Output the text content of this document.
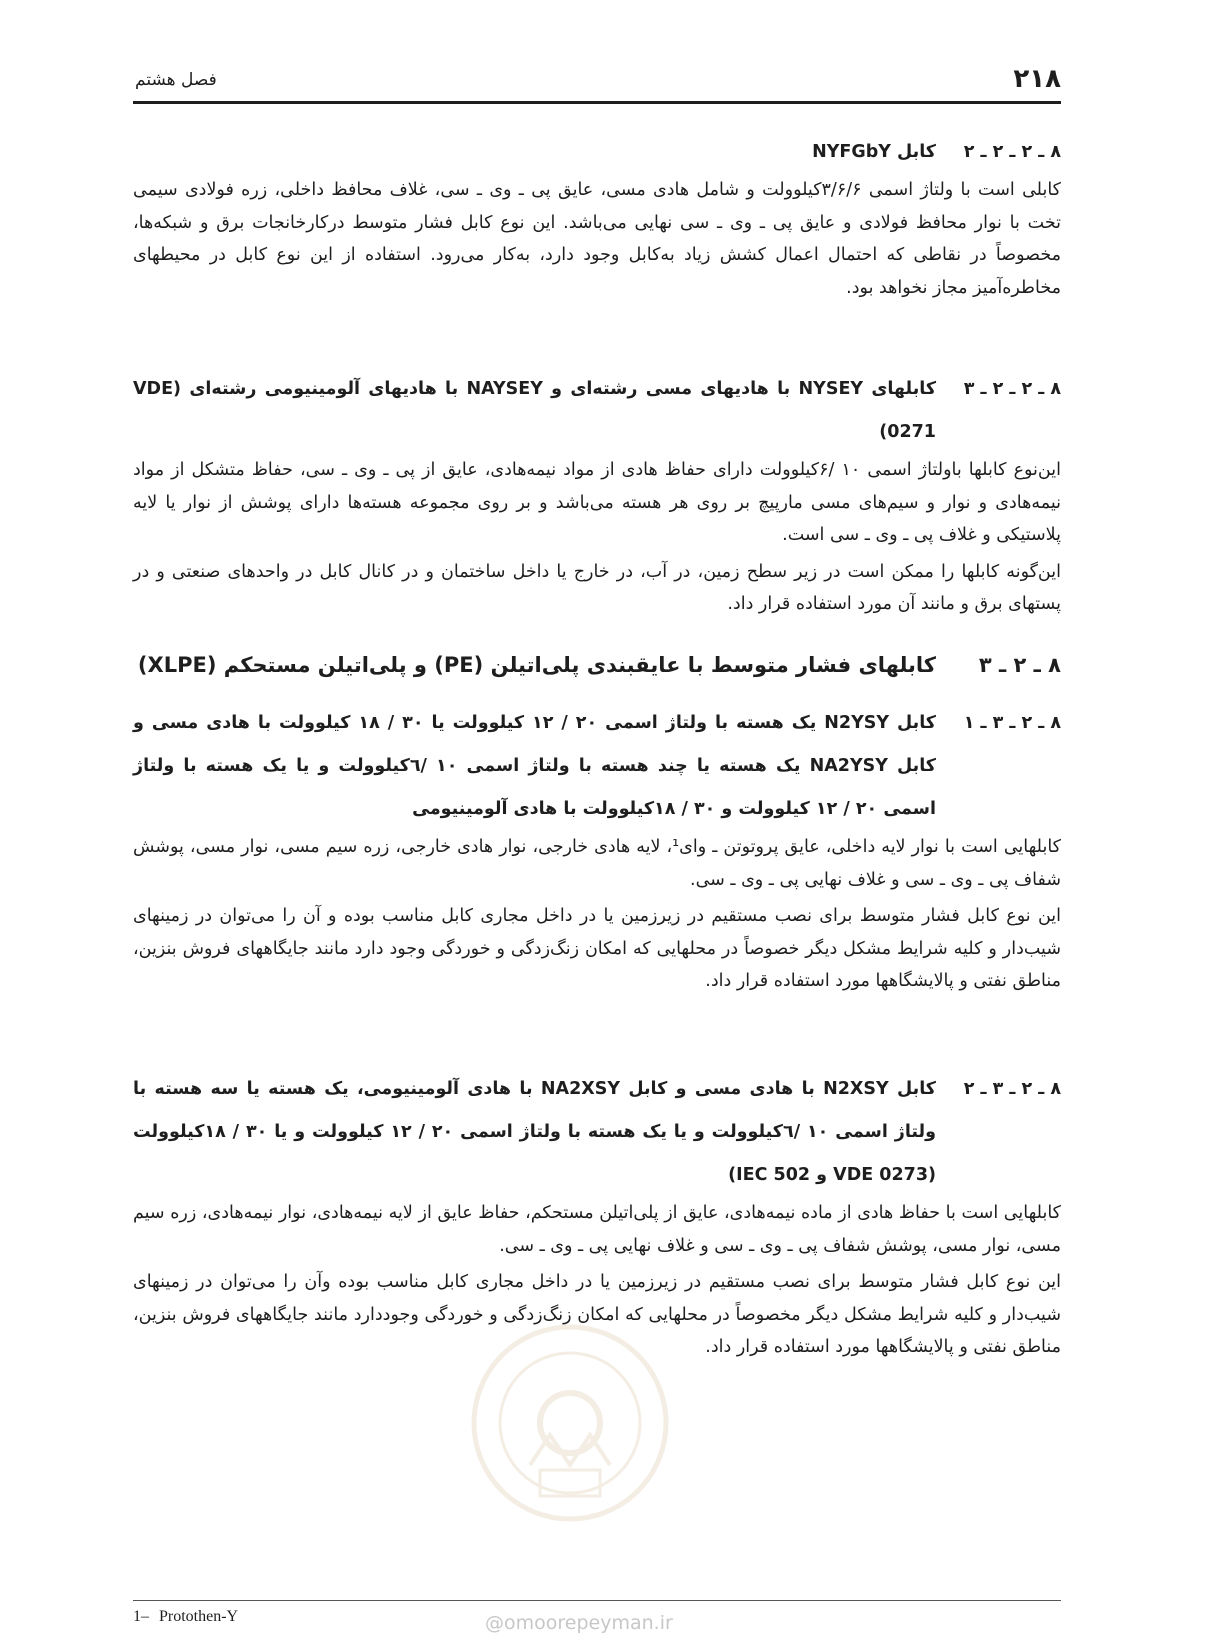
۲۱۸
فصل هشتم
۸ ـ ۲ ـ ۲ ـ ۲
کابل NYFGbY
کابلی است با ولتاژ اسمی ۳/۶/۶کیلوولت و شامل هادی مسی، عایق پی ـ وی ـ سی، غلاف محافظ داخلی، زره فولادی سیمی تخت با نوار محافظ فولادی و عایق پی ـ وی ـ سی نهایی می‌باشد. این نوع کابل فشار متوسط درکارخانجات برق و شبکه‌ها، مخصوصاً در نقاطی که احتمال اعمال کشش زیاد به‌کابل وجود دارد، به‌کار می‌رود. استفاده از این نوع کابل در محیطهای مخاطره‌آمیز مجاز نخواهد بود.
۸ ـ ۲ ـ ۲ ـ ۳
کابلهای NYSEY با هادیهای مسی رشته‌ای و NAYSEY با هادیهای آلومینیومی رشته‌ای (VDE 0271)
این‌نوع کابلها باولتاژ اسمی ۱۰ /۶کیلوولت دارای حفاظ هادی از مواد نیمه‌هادی، عایق از پی ـ وی ـ سی، حفاظ متشکل از مواد نیمه‌هادی و نوار و سیم‌های مسی مارپیچ بر روی هر هسته می‌باشد و بر روی مجموعه هسته‌ها دارای پوشش از نوار یا لایه پلاستیکی و غلاف پی ـ وی ـ سی است.
این‌گونه کابلها را ممکن است در زیر سطح زمین، در آب، در خارج یا داخل ساختمان و در کانال کابل در واحدهای صنعتی و در پستهای برق و مانند آن مورد استفاده قرار داد.
۸ ـ ۲ ـ ۳
کابلهای فشار متوسط با عایقبندی پلی‌اتیلن (PE) و پلی‌اتیلن مستحکم (XLPE)
۸ ـ ۲ ـ ۳ ـ ۱
کابل N2YSY یک هسته با ولتاژ اسمی ۲۰ / ۱۲ کیلوولت یا ۳۰ / ۱۸ کیلوولت با هادی مسی و کابل NA2YSY یک هسته یا چند هسته با ولتاژ اسمی ۱۰ /٦کیلوولت و یا یک هسته با ولتاژ اسمی ۲۰ / ۱۲ کیلوولت و ۳۰ / ۱۸کیلوولت با هادی آلومینیومی
کابلهایی است با نوار لایه داخلی، عایق پروتوتن ـ وای¹، لایه هادی خارجی، نوار هادی خارجی، زره سیم مسی، نوار مسی، پوشش شفاف پی ـ وی ـ سی و غلاف نهایی پی ـ وی ـ سی.
این نوع کابل فشار متوسط برای نصب مستقیم در زیرزمین یا در داخل مجاری کابل مناسب بوده و آن را می‌توان در زمینهای شیب‌دار و کلیه شرایط مشکل دیگر خصوصاً در محلهایی که امکان زنگ‌زدگی و خوردگی وجود دارد مانند جایگاههای فروش بنزین، مناطق نفتی و پالایشگاهها مورد استفاده قرار داد.
۸ ـ ۲ ـ ۳ ـ ۲
کابل N2XSY با هادی مسی و کابل NA2XSY با هادی آلومینیومی، یک هسته یا سه هسته با ولتاژ اسمی ۱۰ /٦کیلوولت و یا یک هسته با ولتاژ اسمی ۲۰ / ۱۲ کیلوولت و یا ۳۰ / ۱۸کیلوولت (VDE 0273 و IEC 502)
کابلهایی است با حفاظ هادی از ماده نیمه‌هادی، عایق از پلی‌اتیلن مستحکم، حفاظ عایق از لایه نیمه‌هادی، نوار نیمه‌هادی، زره سیم مسی، نوار مسی، پوشش شفاف پی ـ وی ـ سی و غلاف نهایی پی ـ وی ـ سی.
این نوع کابل فشار متوسط برای نصب مستقیم در زیرزمین یا در داخل مجاری کابل مناسب بوده وآن را می‌توان در زمینهای شیب‌دار و کلیه شرایط مشکل دیگر مخصوصاً در محلهایی که امکان زنگ‌زدگی و خوردگی وجوددارد مانند جایگاههای فروش بنزین، مناطق نفتی و پالایشگاهها مورد استفاده قرار داد.
1– Protothen-Y	@omoorepeyman.ir
